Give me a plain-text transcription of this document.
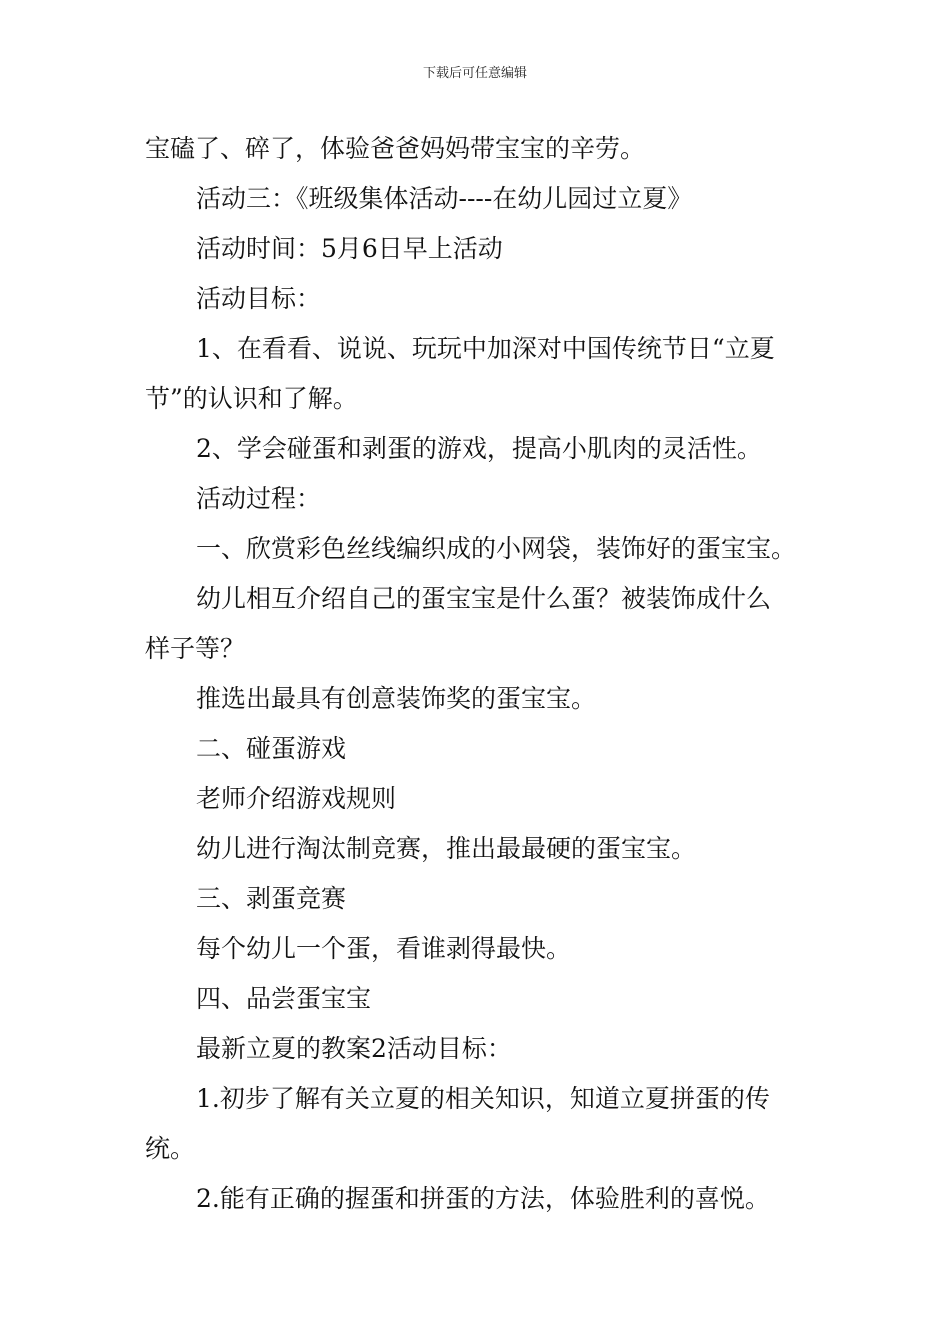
下载后可任意编辑

宝磕了、碎了，体验爸爸妈妈带宝宝的辛劳。

活动三：《班级集体活动----在幼儿园过立夏》

活动时间：5月6日早上活动

活动目标：

1、在看看、说说、玩玩中加深对中国传统节日“立夏

节”的认识和了解。

2、学会碰蛋和剥蛋的游戏，提高小肌肉的灵活性。

活动过程：

一、欣赏彩色丝线编织成的小网袋，装饰好的蛋宝宝。

幼儿相互介绍自己的蛋宝宝是什么蛋？被装饰成什么

样子等？

推选出最具有创意装饰奖的蛋宝宝。

二、碰蛋游戏

老师介绍游戏规则

幼儿进行淘汰制竞赛，推出最最硬的蛋宝宝。

三、剥蛋竞赛

每个幼儿一个蛋，看谁剥得最快。

四、品尝蛋宝宝

最新立夏的教案2活动目标：

1.初步了解有关立夏的相关知识，知道立夏拼蛋的传

统。

2.能有正确的握蛋和拼蛋的方法，体验胜利的喜悦。
